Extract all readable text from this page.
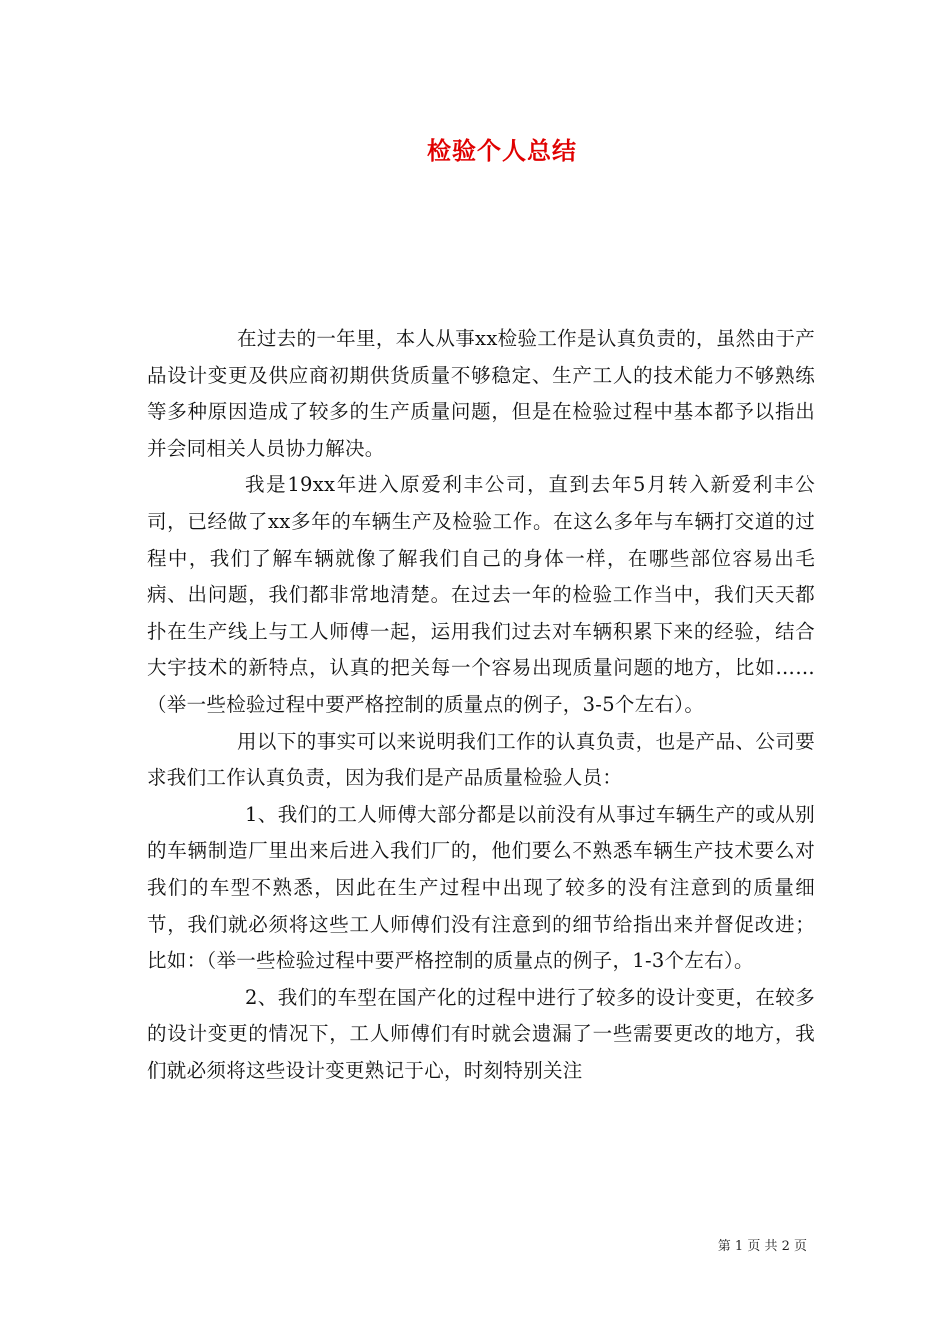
检验个人总结

在过去的一年里，本人从事xx检验工作是认真负责的，虽然由于产品设计变更及供应商初期供货质量不够稳定、生产工人的技术能力不够熟练等多种原因造成了较多的生产质量问题，但是在检验过程中基本都予以指出并会同相关人员协力解决。

我是19xx年进入原爱利丰公司，直到去年5月转入新爱利丰公司，已经做了xx多年的车辆生产及检验工作。在这么多年与车辆打交道的过程中，我们了解车辆就像了解我们自己的身体一样，在哪些部位容易出毛病、出问题，我们都非常地清楚。在过去一年的检验工作当中，我们天天都扑在生产线上与工人师傅一起，运用我们过去对车辆积累下来的经验，结合大宇技术的新特点，认真的把关每一个容易出现质量问题的地方，比如……（举一些检验过程中要严格控制的质量点的例子，3-5个左右）。

用以下的事实可以来说明我们工作的认真负责，也是产品、公司要求我们工作认真负责，因为我们是产品质量检验人员：

1、我们的工人师傅大部分都是以前没有从事过车辆生产的或从别的车辆制造厂里出来后进入我们厂的，他们要么不熟悉车辆生产技术要么对我们的车型不熟悉，因此在生产过程中出现了较多的没有注意到的质量细节，我们就必须将这些工人师傅们没有注意到的细节给指出来并督促改进；比如：（举一些检验过程中要严格控制的质量点的例子，1-3个左右）。

2、我们的车型在国产化的过程中进行了较多的设计变更，在较多的设计变更的情况下，工人师傅们有时就会遗漏了一些需要更改的地方，我们就必须将这些设计变更熟记于心，时刻特别关注

第 1 页 共 2 页
